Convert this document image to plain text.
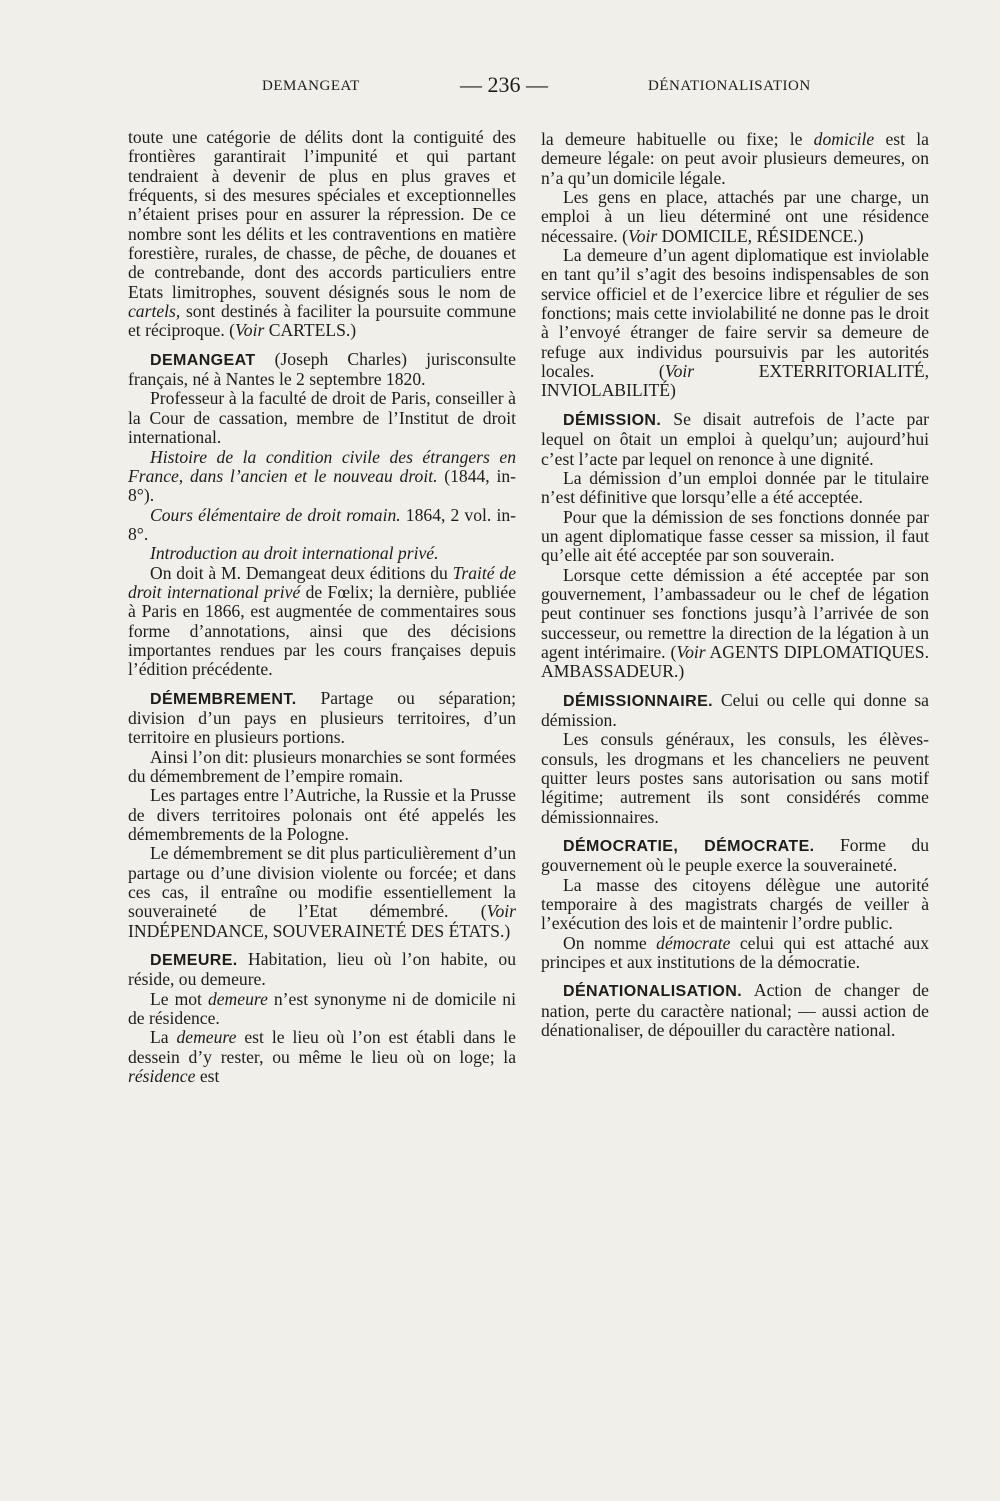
DEMANGEAT	— 236 —	DÉNATIONALISATION

toute une catégorie de délits dont la contiguité des frontières garantirait l’impunité et qui partant tendraient à devenir de plus en plus graves et fréquents, si des mesures spéciales et exceptionnelles n’étaient prises pour en assurer la répression. De ce nombre sont les délits et les contraventions en matière forestière, rurales, de chasse, de pêche, de douanes et de contrebande, dont des accords particuliers entre Etats limitrophes, souvent désignés sous le nom de cartels, sont destinés à faciliter la poursuite commune et réciproque. (Voir CARTELS.)

DEMANGEAT (Joseph Charles) jurisconsulte français, né à Nantes le 2 septembre 1820.

Professeur à la faculté de droit de Paris, conseiller à la Cour de cassation, membre de l’Institut de droit international.

Histoire de la condition civile des étrangers en France, dans l’ancien et le nouveau droit. (1844, in-8°).

Cours élémentaire de droit romain. 1864, 2 vol. in-8°.

Introduction au droit international privé.

On doit à M. Demangeat deux éditions du Traité de droit international privé de Fœlix; la dernière, publiée à Paris en 1866, est augmentée de commentaires sous forme d’annotations, ainsi que des décisions importantes rendues par les cours françaises depuis l’édition précédente.

DÉMEMBREMENT. Partage ou séparation; division d’un pays en plusieurs territoires, d’un territoire en plusieurs portions.

Ainsi l’on dit: plusieurs monarchies se sont formées du démembrement de l’empire romain.

Les partages entre l’Autriche, la Russie et la Prusse de divers territoires polonais ont été appelés les démembrements de la Pologne.

Le démembrement se dit plus particulièrement d’un partage ou d’une division violente ou forcée; et dans ces cas, il entraîne ou modifie essentiellement la souveraineté de l’Etat démembré. (Voir INDÉPENDANCE, SOUVERAINETÉ DES ÉTATS.)

DEMEURE. Habitation, lieu où l’on habite, ou réside, ou demeure.

Le mot demeure n’est synonyme ni de domicile ni de résidence.

La demeure est le lieu où l’on est établi dans le dessein d’y rester, ou même le lieu où on loge; la résidence est

la demeure habituelle ou fixe; le domicile est la demeure légale: on peut avoir plusieurs demeures, on n’a qu’un domicile légale.

Les gens en place, attachés par une charge, un emploi à un lieu déterminé ont une résidence nécessaire. (Voir DOMICILE, RÉSIDENCE.)

La demeure d’un agent diplomatique est inviolable en tant qu’il s’agit des besoins indispensables de son service officiel et de l’exercice libre et régulier de ses fonctions; mais cette inviolabilité ne donne pas le droit à l’envoyé étranger de faire servir sa demeure de refuge aux individus poursuivis par les autorités locales. (Voir EXTERRITORIALITÉ, INVIOLABILITÉ)

DÉMISSION. Se disait autrefois de l’acte par lequel on ôtait un emploi à quelqu’un; aujourd’hui c’est l’acte par lequel on renonce à une dignité.

La démission d’un emploi donnée par le titulaire n’est définitive que lorsqu’elle a été acceptée.

Pour que la démission de ses fonctions donnée par un agent diplomatique fasse cesser sa mission, il faut qu’elle ait été acceptée par son souverain.

Lorsque cette démission a été acceptée par son gouvernement, l’ambassadeur ou le chef de légation peut continuer ses fonctions jusqu’à l’arrivée de son successeur, ou remettre la direction de la légation à un agent intérimaire. (Voir AGENTS DIPLOMATIQUES. AMBASSADEUR.)

DÉMISSIONNAIRE. Celui ou celle qui donne sa démission.

Les consuls généraux, les consuls, les élèves-consuls, les drogmans et les chanceliers ne peuvent quitter leurs postes sans autorisation ou sans motif légitime; autrement ils sont considérés comme démissionnaires.

DÉMOCRATIE, DÉMOCRATE. Forme du gouvernement où le peuple exerce la souveraineté.

La masse des citoyens délègue une autorité temporaire à des magistrats chargés de veiller à l’exécution des lois et de maintenir l’ordre public.

On nomme démocrate celui qui est attaché aux principes et aux institutions de la démocratie.

DÉNATIONALISATION. Action de changer de nation, perte du caractère national; — aussi action de dénationaliser, de dépouiller du caractère national.
